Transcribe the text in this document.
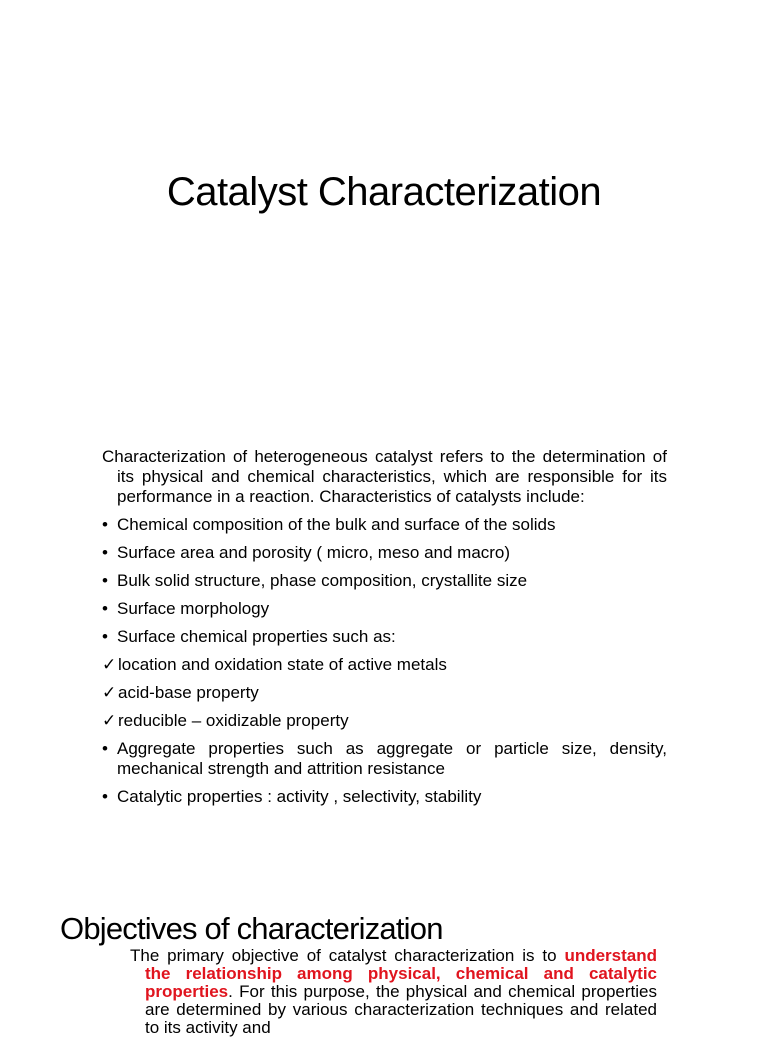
Catalyst Characterization

Characterization of heterogeneous catalyst refers to the determination of its physical and chemical characteristics, which are responsible for its performance in a reaction. Characteristics of catalysts include:

• Chemical composition of the bulk and surface of the solids
• Surface area and porosity ( micro, meso and macro)
• Bulk solid structure, phase composition, crystallite size
• Surface morphology
• Surface chemical properties such as:
✓ location and oxidation state of active metals
✓ acid-base property
✓ reducible – oxidizable property
• Aggregate properties such as aggregate or particle size, density, mechanical strength and attrition resistance
• Catalytic properties : activity , selectivity, stability
Objectives of characterization
The primary objective of catalyst characterization is to understand the relationship among physical, chemical and catalytic properties. For this purpose, the physical and chemical properties are determined by various characterization techniques and related to its activity and
